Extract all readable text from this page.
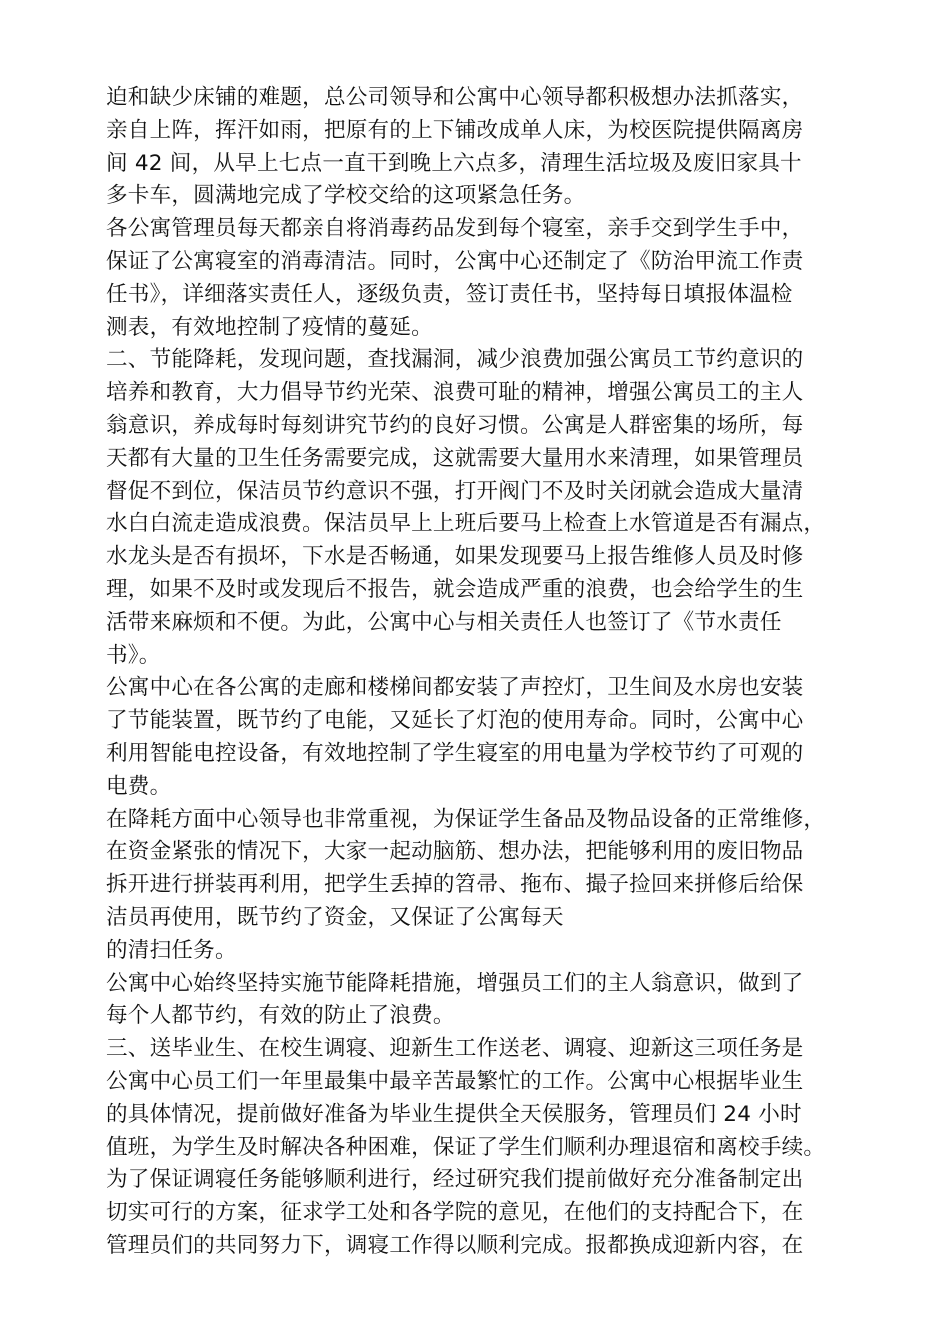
迫和缺少床铺的难题，总公司领导和公寓中心领导都积极想办法抓落实，
亲自上阵，挥汗如雨，把原有的上下铺改成单人床，为校医院提供隔离房
间 42 间，从早上七点一直干到晚上六点多，清理生活垃圾及废旧家具十
多卡车，圆满地完成了学校交给的这项紧急任务。
各公寓管理员每天都亲自将消毒药品发到每个寝室，亲手交到学生手中，
保证了公寓寝室的消毒清洁。同时，公寓中心还制定了《防治甲流工作责
任书》，详细落实责任人，逐级负责，签订责任书，坚持每日填报体温检
测表，有效地控制了疫情的蔓延。
二、节能降耗，发现问题，查找漏洞，减少浪费加强公寓员工节约意识的
培养和教育，大力倡导节约光荣、浪费可耻的精神，增强公寓员工的主人
翁意识，养成每时每刻讲究节约的良好习惯。公寓是人群密集的场所，每
天都有大量的卫生任务需要完成，这就需要大量用水来清理，如果管理员
督促不到位，保洁员节约意识不强，打开阀门不及时关闭就会造成大量清
水白白流走造成浪费。保洁员早上上班后要马上检查上水管道是否有漏点，
水龙头是否有损坏，下水是否畅通，如果发现要马上报告维修人员及时修
理，如果不及时或发现后不报告，就会造成严重的浪费，也会给学生的生
活带来麻烦和不便。为此，公寓中心与相关责任人也签订了《节水责任
书》。
公寓中心在各公寓的走廊和楼梯间都安装了声控灯，卫生间及水房也安装
了节能装置，既节约了电能，又延长了灯泡的使用寿命。同时，公寓中心
利用智能电控设备，有效地控制了学生寝室的用电量为学校节约了可观的
电费。
在降耗方面中心领导也非常重视，为保证学生备品及物品设备的正常维修，
在资金紧张的情况下，大家一起动脑筋、想办法，把能够利用的废旧物品
拆开进行拼装再利用，把学生丢掉的笤帚、拖布、撮子捡回来拼修后给保
洁员再使用，既节约了资金，又保证了公寓每天
的清扫任务。
公寓中心始终坚持实施节能降耗措施，增强员工们的主人翁意识，做到了
每个人都节约，有效的防止了浪费。
三、送毕业生、在校生调寝、迎新生工作送老、调寝、迎新这三项任务是
公寓中心员工们一年里最集中最辛苦最繁忙的工作。公寓中心根据毕业生
的具体情况，提前做好准备为毕业生提供全天侯服务，管理员们 24 小时
值班，为学生及时解决各种困难，保证了学生们顺利办理退宿和离校手续。
为了保证调寝任务能够顺利进行，经过研究我们提前做好充分准备制定出
切实可行的方案，征求学工处和各学院的意见，在他们的支持配合下，在
管理员们的共同努力下，调寝工作得以顺利完成。报都换成迎新内容，在
